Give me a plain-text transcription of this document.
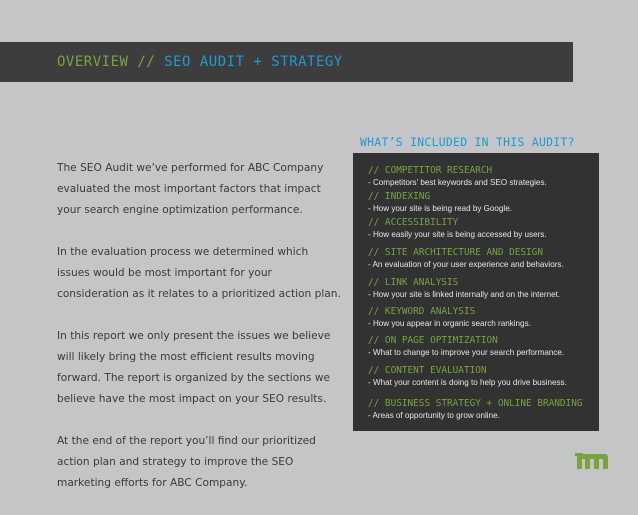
OVERVIEW // SEO AUDIT + STRATEGY

The SEO Audit we’ve performed for ABC Company evaluated the most important factors that impact your search engine optimization performance.

In the evaluation process we determined which issues would be most important for your consideration as it relates to a prioritized action plan.

In this report we only present the issues we believe will likely bring the most efficient results moving forward. The report is organized by the sections we believe have the most impact on your SEO results.

At the end of the report you’ll find our prioritized action plan and strategy to improve the SEO marketing efforts for ABC Company.

WHAT’S INCLUDED IN THIS AUDIT?
// COMPETITOR RESEARCH
- Competitors’ best keywords and SEO strategies.
// INDEXING
- How your site is being read by Google.
// ACCESSIBILITY
- How easily your site is being accessed by users.
// SITE ARCHITECTURE AND DESIGN
- An evaluation of your user experience and behaviors.
// LINK ANALYSIS
- How your site is linked internally and on the internet.
// KEYWORD ANALYSIS
- How you appear in organic search rankings.
// ON PAGE OPTIMIZATION
- What to change to improve your search performance.
// CONTENT EVALUATION
- What your content is doing to help you drive business.
// BUSINESS STRATEGY + ONLINE BRANDING
- Areas of opportunity to grow online.
